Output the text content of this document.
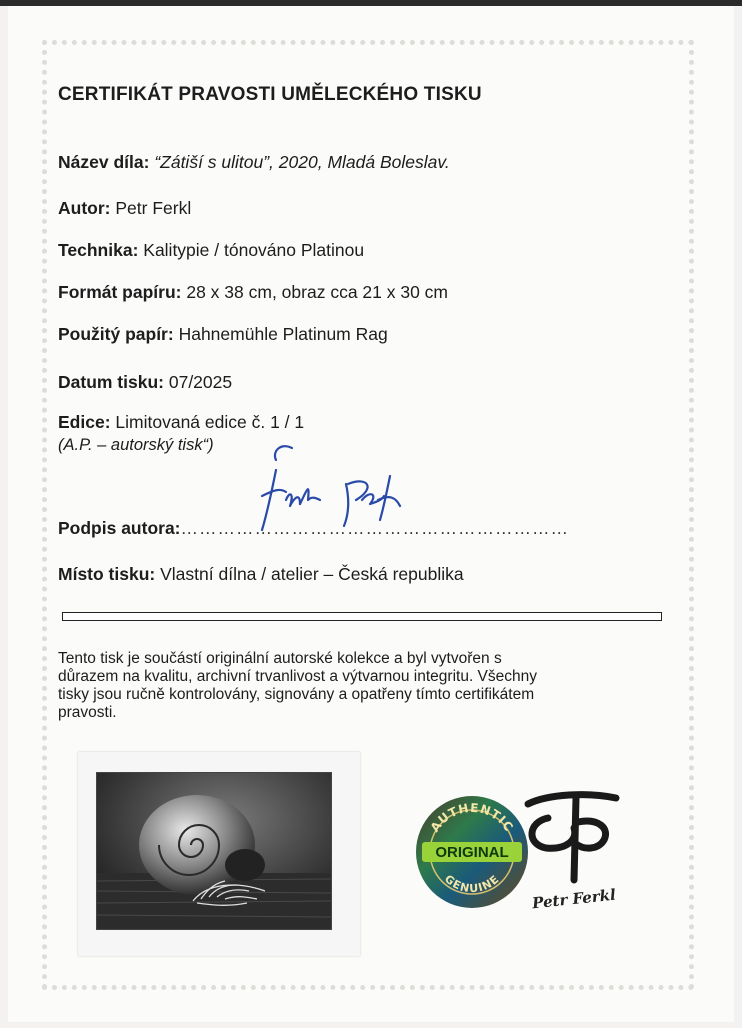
CERTIFIKÁT PRAVOSTI UMĚLECKÉHO TISKU
Název díla: “Zátiší s ulitou”, 2020, Mladá Boleslav.
Autor: Petr Ferkl
Technika: Kalitypie / tónováno Platinou
Formát papíru: 28 x 38 cm, obraz cca 21 x 30 cm
Použitý papír: Hahnemühle Platinum Rag
Datum tisku: 07/2025
Edice: Limitovaná edice č. 1 / 1
(A.P. – autorský tisk“)
Podpis autora:………………………………………………………
Místo tisku: Vlastní dílna / atelier – Česká republika
Tento tisk je součástí originální autorské kolekce a byl vytvořen s
důrazem na kvalitu, archivní trvanlivost a výtvarnou integritu. Všechny
tisky jsou ručně kontrolovány, signovány a opatřeny tímto certifikátem
pravosti.
AUTHENTIC
GENUINE
ORIGINAL
Petr Ferkl
